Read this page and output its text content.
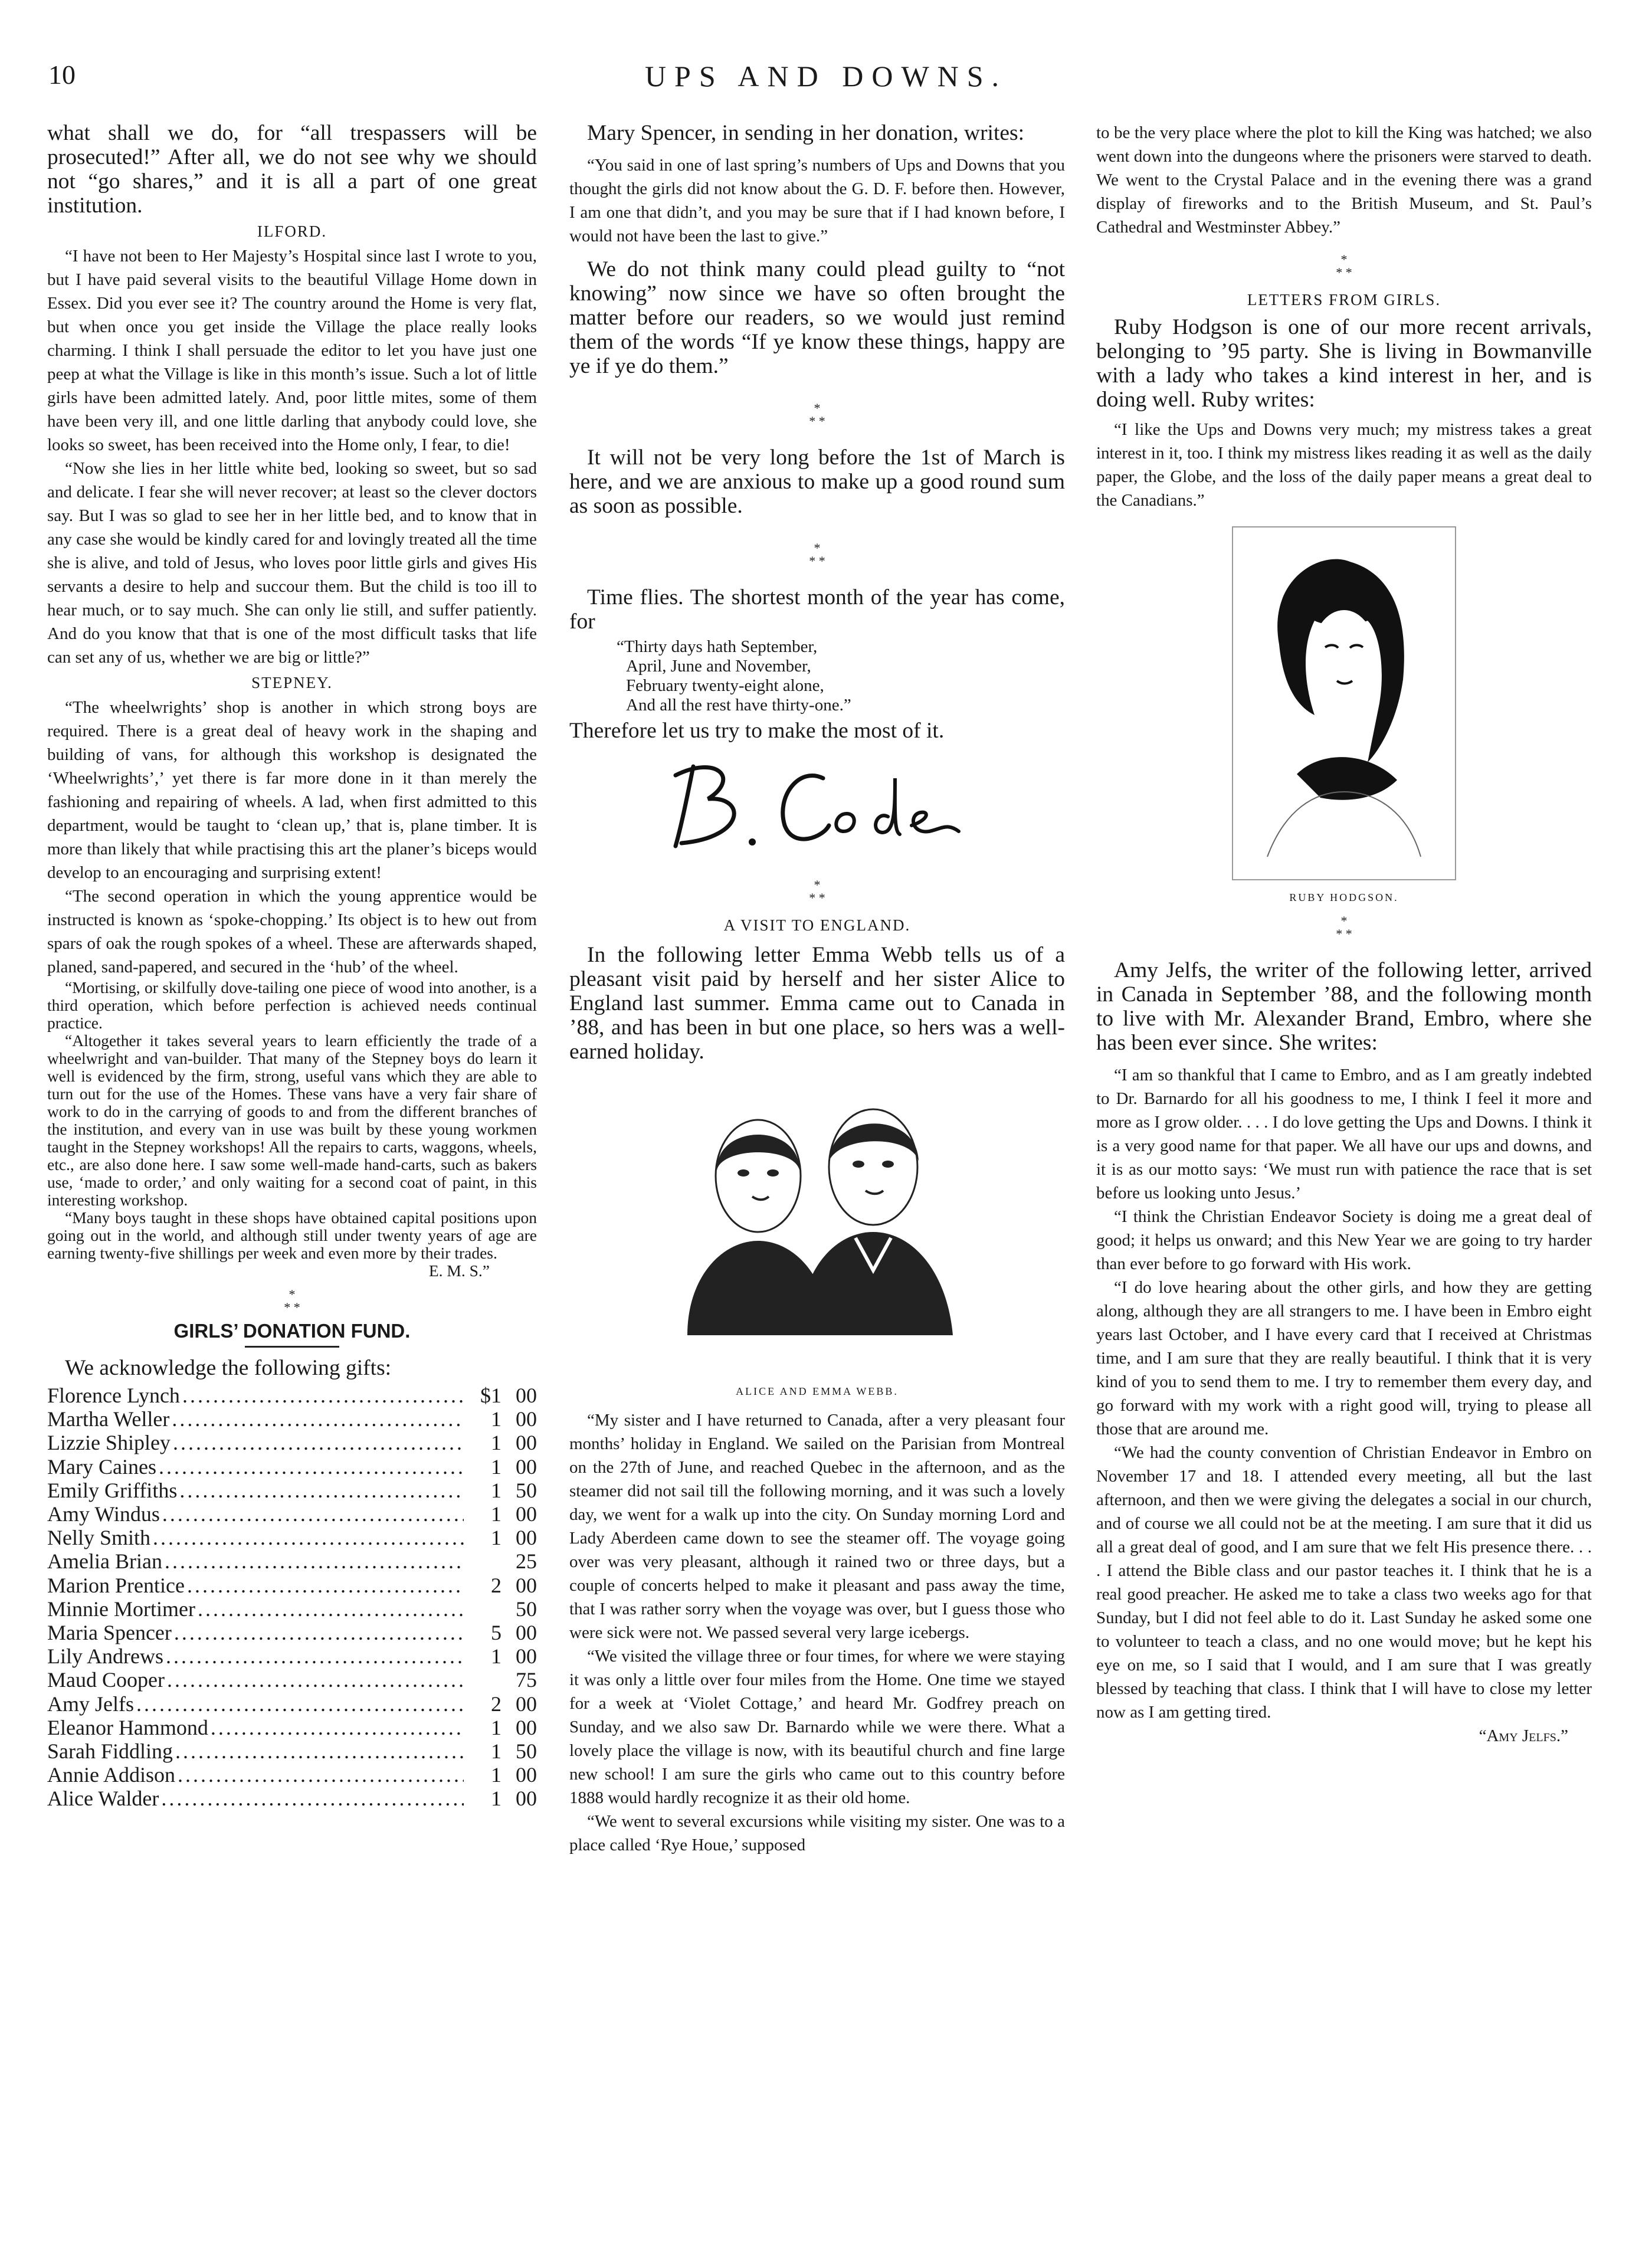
10	UPS AND DOWNS.

what shall we do, for “all trespassers will be prosecuted!” After all, we do not see why we should not “go shares,” and it is all a part of one great institution.

ILFORD.

“I have not been to Her Majesty’s Hospital since last I wrote to you, but I have paid several visits to the beautiful Village Home down in Essex. Did you ever see it? The country around the Home is very flat, but when once you get inside the Village the place really looks charming. I think I shall persuade the editor to let you have just one peep at what the Village is like in this month’s issue. Such a lot of little girls have been admitted lately. And, poor little mites, some of them have been very ill, and one little darling that anybody could love, she looks so sweet, has been received into the Home only, I fear, to die!

“Now she lies in her little white bed, looking so sweet, but so sad and delicate. I fear she will never recover; at least so the clever doctors say. But I was so glad to see her in her little bed, and to know that in any case she would be kindly cared for and lovingly treated all the time she is alive, and told of Jesus, who loves poor little girls and gives His servants a desire to help and succour them. But the child is too ill to hear much, or to say much. She can only lie still, and suffer patiently. And do you know that that is one of the most difficult tasks that life can set any of us, whether we are big or little?”

STEPNEY.

“The wheelwrights’ shop is another in which strong boys are required. There is a great deal of heavy work in the shaping and building of vans, for although this workshop is designated the ‘Wheelwrights’,’ yet there is far more done in it than merely the fashioning and repairing of wheels. A lad, when first admitted to this department, would be taught to ‘clean up,’ that is, plane timber. It is more than likely that while practising this art the planer’s biceps would develop to an encouraging and surprising extent!

“The second operation in which the young apprentice would be instructed is known as ‘spoke-chopping.’ Its object is to hew out from spars of oak the rough spokes of a wheel. These are afterwards shaped, planed, sand-papered, and secured in the ‘hub’ of the wheel.

“Mortising, or skilfully dove-tailing one piece of wood into another, is a third operation, which before perfection is achieved needs continual practice.

“Altogether it takes several years to learn efficiently the trade of a wheelwright and van-builder. That many of the Stepney boys do learn it well is evidenced by the firm, strong, useful vans which they are able to turn out for the use of the Homes. These vans have a very fair share of work to do in the carrying of goods to and from the different branches of the institution, and every van in use was built by these young workmen taught in the Stepney workshops! All the repairs to carts, waggons, wheels, etc., are also done here. I saw some well-made hand-carts, such as bakers use, ‘made to order,’ and only waiting for a second coat of paint, in this interesting workshop.

“Many boys taught in these shops have obtained capital positions upon going out in the world, and although still under twenty years of age are earning twenty-five shillings per week and even more by their trades.

E. M. S.”

*
* *
GIRLS’ DONATION FUND.

We acknowledge the following gifts:

Florence Lynch .....	$1 00
Martha Weller .....	1 00
Lizzie Shipley .....	1 00
Mary Caines .....	1 00
Emily Griffiths .....	1 50
Amy Windus .....	1 00
Nelly Smith .....	1 00
Amelia Brian .....	25
Marion Prentice .....	2 00
Minnie Mortimer .....	50
Maria Spencer .....	5 00
Lily Andrews .....	1 00
Maud Cooper .....	75
Amy Jelfs .....	2 00
Eleanor Hammond .....	1 00
Sarah Fiddling .....	1 50
Annie Addison .....	1 00
Alice Walder .....	1 00

Mary Spencer, in sending in her donation, writes:

“You said in one of last spring’s numbers of Ups and Downs that you thought the girls did not know about the G. D. F. before then. However, I am one that didn’t, and you may be sure that if I had known before, I would not have been the last to give.”

We do not think many could plead guilty to “not knowing” now since we have so often brought the matter before our readers, so we would just remind them of the words “If ye know these things, happy are ye if ye do them.”

*
* *

It will not be very long before the 1st of March is here, and we are anxious to make up a good round sum as soon as possible.

*
* *

Time flies. The shortest month of the year has come, for

“Thirty days hath September,
April, June and November,
February twenty-eight alone,
And all the rest have thirty-one.”

Therefore let us try to make the most of it.

*
* *
A VISIT TO ENGLAND.

In the following letter Emma Webb tells us of a pleasant visit paid by herself and her sister Alice to England last summer. Emma came out to Canada in ’88, and has been in but one place, so hers was a well-earned holiday.

ALICE AND EMMA WEBB.

“My sister and I have returned to Canada, after a very pleasant four months’ holiday in England. We sailed on the Parisian from Montreal on the 27th of June, and reached Quebec in the afternoon, and as the steamer did not sail till the following morning, and it was such a lovely day, we went for a walk up into the city. On Sunday morning Lord and Lady Aberdeen came down to see the steamer off. The voyage going over was very pleasant, although it rained two or three days, but a couple of concerts helped to make it pleasant and pass away the time, that I was rather sorry when the voyage was over, but I guess those who were sick were not. We passed several very large icebergs.

“We visited the village three or four times, for where we were staying it was only a little over four miles from the Home. One time we stayed for a week at ‘Violet Cottage,’ and heard Mr. Godfrey preach on Sunday, and we also saw Dr. Barnardo while we were there. What a lovely place the village is now, with its beautiful church and fine large new school! I am sure the girls who came out to this country before 1888 would hardly recognize it as their old home.

“We went to several excursions while visiting my sister. One was to a place called ‘Rye Houe,’ supposed

to be the very place where the plot to kill the King was hatched; we also went down into the dungeons where the prisoners were starved to death. We went to the Crystal Palace and in the evening there was a grand display of fireworks and to the British Museum, and St. Paul’s Cathedral and Westminster Abbey.”

*
* *
LETTERS FROM GIRLS.

Ruby Hodgson is one of our more recent arrivals, belonging to ’95 party. She is living in Bowmanville with a lady who takes a kind interest in her, and is doing well. Ruby writes:

“I like the Ups and Downs very much; my mistress takes a great interest in it, too. I think my mistress likes reading it as well as the daily paper, the Globe, and the loss of the daily paper means a great deal to the Canadians.”

RUBY HODGSON.
*
* *

Amy Jelfs, the writer of the following letter, arrived in Canada in September ’88, and the following month to live with Mr. Alexander Brand, Embro, where she has been ever since. She writes:

“I am so thankful that I came to Embro, and as I am greatly indebted to Dr. Barnardo for all his goodness to me, I think I feel it more and more as I grow older. . . . I do love getting the Ups and Downs. I think it is a very good name for that paper. We all have our ups and downs, and it is as our motto says: ‘We must run with patience the race that is set before us looking unto Jesus.’

“I think the Christian Endeavor Society is doing me a great deal of good; it helps us onward; and this New Year we are going to try harder than ever before to go forward with His work.

“I do love hearing about the other girls, and how they are getting along, although they are all strangers to me. I have been in Embro eight years last October, and I have every card that I received at Christmas time, and I am sure that they are really beautiful. I think that it is very kind of you to send them to me. I try to remember them every day, and go forward with my work with a right good will, trying to please all those that are around me.

“We had the county convention of Christian Endeavor in Embro on November 17 and 18. I attended every meeting, all but the last afternoon, and then we were giving the delegates a social in our church, and of course we all could not be at the meeting. I am sure that it did us all a great deal of good, and I am sure that we felt His presence there. . . . I attend the Bible class and our pastor teaches it. I think that he is a real good preacher. He asked me to take a class two weeks ago for that Sunday, but I did not feel able to do it. Last Sunday he asked some one to volunteer to teach a class, and no one would move; but he kept his eye on me, so I said that I would, and I am sure that I was greatly blessed by teaching that class. I think that I will have to close my letter now as I am getting tired.

“Amy Jelfs.”
